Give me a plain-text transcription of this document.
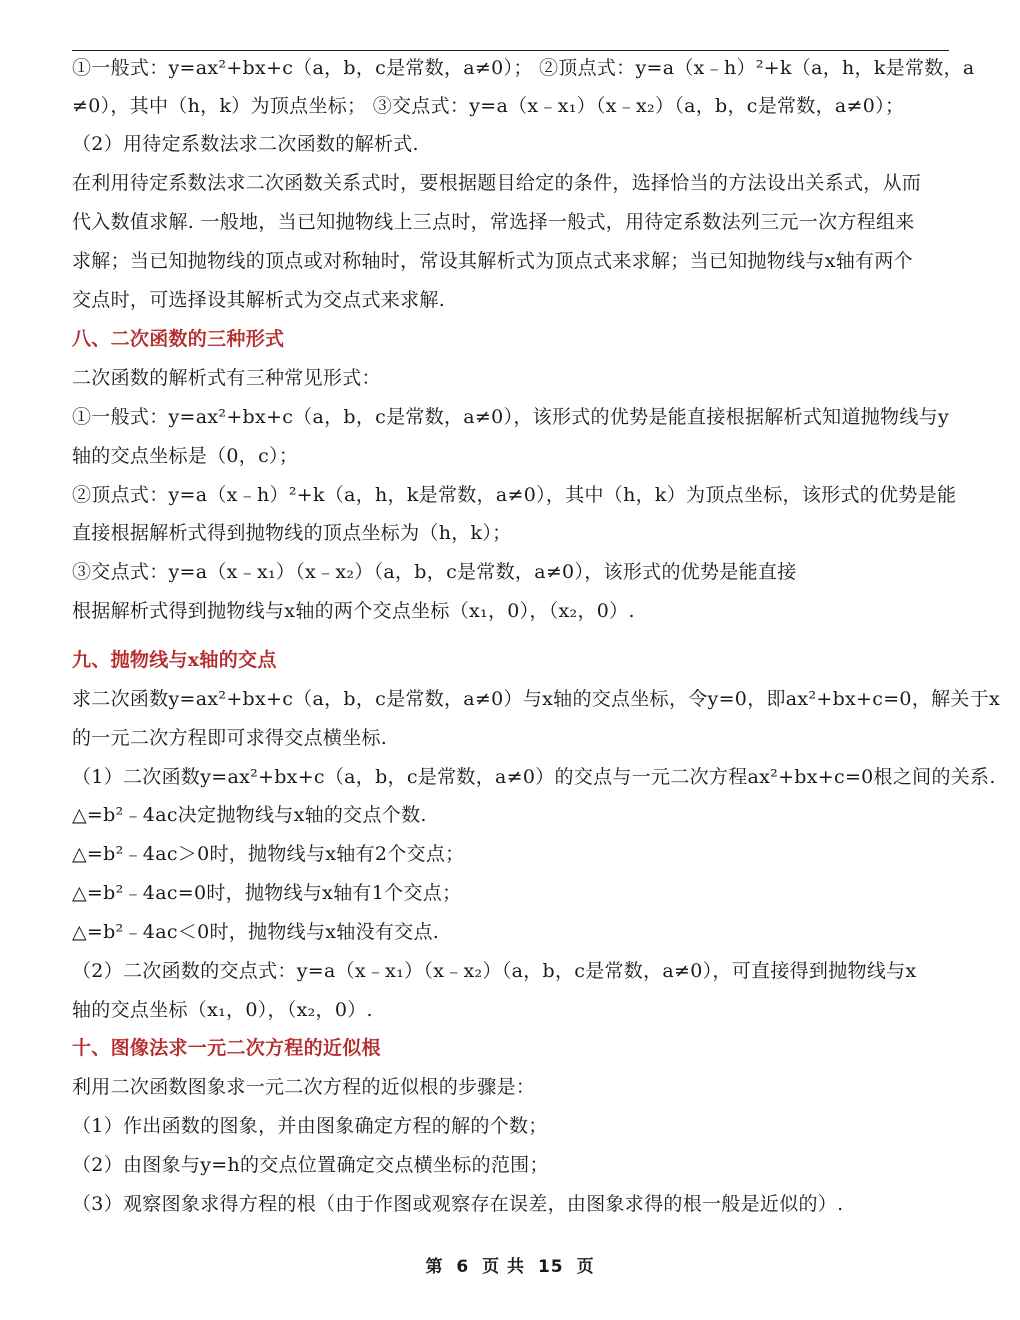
①一般式：y=ax²+bx+c（a，b，c是常数，a≠0）； ②顶点式：y=a（x﹣h）²+k（a，h，k是常数，a
≠0），其中（h，k）为顶点坐标； ③交点式：y=a（x﹣x₁）（x﹣x₂）（a，b，c是常数，a≠0）；
（2）用待定系数法求二次函数的解析式.
在利用待定系数法求二次函数关系式时，要根据题目给定的条件，选择恰当的方法设出关系式，从而
代入数值求解. 一般地，当已知抛物线上三点时，常选择一般式，用待定系数法列三元一次方程组来
求解；当已知抛物线的顶点或对称轴时，常设其解析式为顶点式来求解；当已知抛物线与x轴有两个
交点时，可选择设其解析式为交点式来求解.
八、二次函数的三种形式
二次函数的解析式有三种常见形式：
①一般式：y=ax²+bx+c（a，b，c是常数，a≠0），该形式的优势是能直接根据解析式知道抛物线与y
轴的交点坐标是（0，c）；
②顶点式：y=a（x﹣h）²+k（a，h，k是常数，a≠0），其中（h，k）为顶点坐标，该形式的优势是能
直接根据解析式得到抛物线的顶点坐标为（h，k）；
③交点式：y=a（x﹣x₁）（x﹣x₂）（a，b，c是常数，a≠0），该形式的优势是能直接
根据解析式得到抛物线与x轴的两个交点坐标（x₁，0），（x₂，0）.
九、抛物线与x轴的交点
求二次函数y=ax²+bx+c（a，b，c是常数，a≠0）与x轴的交点坐标，令y=0，即ax²+bx+c=0，解关于x
的一元二次方程即可求得交点横坐标.
（1）二次函数y=ax²+bx+c（a，b，c是常数，a≠0）的交点与一元二次方程ax²+bx+c=0根之间的关系.
△=b²﹣4ac决定抛物线与x轴的交点个数.
△=b²﹣4ac＞0时，抛物线与x轴有2个交点；
△=b²﹣4ac=0时，抛物线与x轴有1个交点；
△=b²﹣4ac＜0时，抛物线与x轴没有交点.
（2）二次函数的交点式：y=a（x﹣x₁）（x﹣x₂）（a，b，c是常数，a≠0），可直接得到抛物线与x
轴的交点坐标（x₁，0），（x₂，0）.
十、图像法求一元二次方程的近似根
利用二次函数图象求一元二次方程的近似根的步骤是：
（1）作出函数的图象，并由图象确定方程的解的个数；
（2）由图象与y=h的交点位置确定交点横坐标的范围；
（3）观察图象求得方程的根（由于作图或观察存在误差，由图象求得的根一般是近似的）.
第 6 页 共 15 页
